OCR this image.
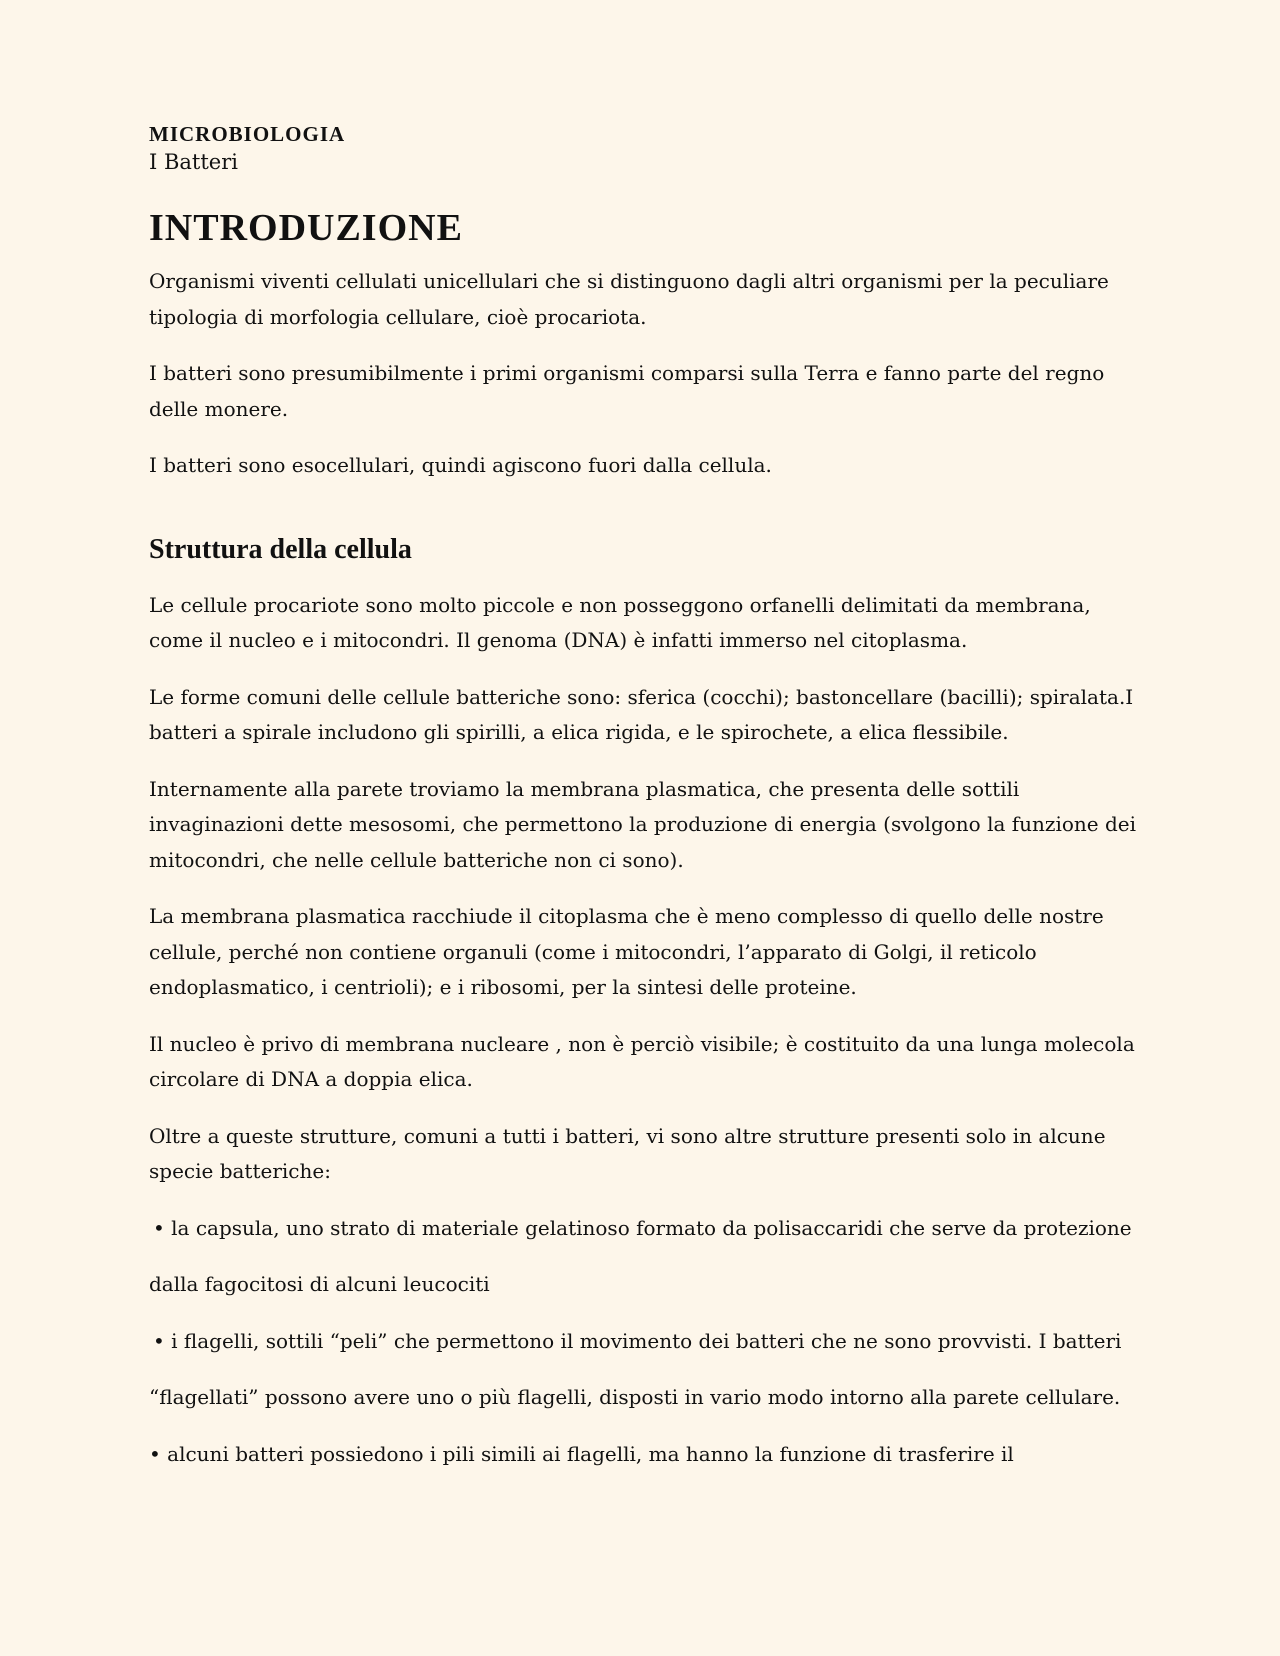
MICROBIOLOGIA
I Batteri
INTRODUZIONE

Organismi viventi cellulati unicellulari che si distinguono dagli altri organismi per la peculiare tipologia di morfologia cellulare, cioè procariota.

I batteri sono presumibilmente i primi organismi comparsi sulla Terra e fanno parte del regno delle monere.

I batteri sono esocellulari, quindi agiscono fuori dalla cellula.

Struttura della cellula

Le cellule procariote sono molto piccole e non posseggono orfanelli delimitati da membrana, come il nucleo e i mitocondri. Il genoma (DNA) è infatti immerso nel citoplasma.

Le forme comuni delle cellule batteriche sono: sferica (cocchi); bastoncellare (bacilli); spiralata.I batteri a spirale includono gli spirilli, a elica rigida, e le spirochete, a elica flessibile.

Internamente alla parete troviamo la membrana plasmatica, che presenta delle sottili invaginazioni dette mesosomi, che permettono la produzione di energia (svolgono la funzione dei mitocondri, che nelle cellule batteriche non ci sono).

La membrana plasmatica racchiude il citoplasma che è meno complesso di quello delle nostre cellule, perché non contiene organuli (come i mitocondri, l’apparato di Golgi, il reticolo endoplasmatico, i centrioli); e i ribosomi, per la sintesi delle proteine.

Il nucleo è privo di membrana nucleare , non è perciò visibile; è costituito da una lunga molecola circolare di DNA a doppia elica.

Oltre a queste strutture, comuni a tutti i batteri, vi sono altre strutture presenti solo in alcune specie batteriche:

• la capsula, uno strato di materiale gelatinoso formato da polisaccaridi che serve da protezione

dalla fagocitosi di alcuni leucociti

• i flagelli, sottili “peli” che permettono il movimento dei batteri che ne sono provvisti. I batteri

“flagellati” possono avere uno o più flagelli, disposti in vario modo intorno alla parete cellulare.

• alcuni batteri possiedono i pili simili ai flagelli, ma hanno la funzione di trasferire il
